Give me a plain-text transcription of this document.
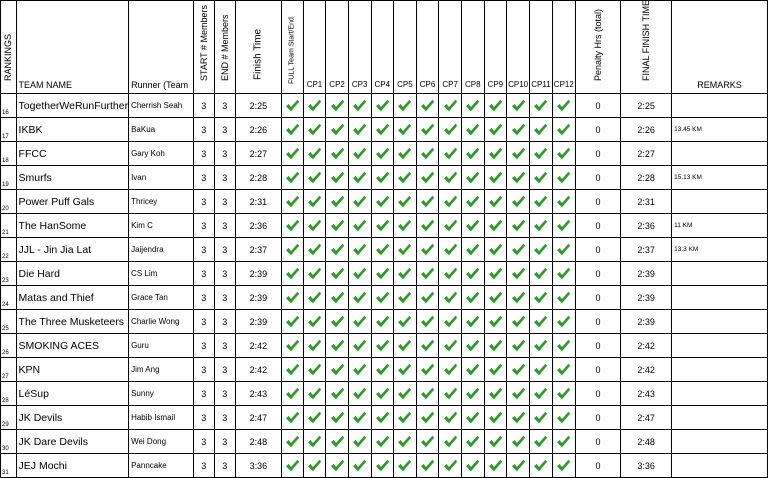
RANKINGS	TEAM NAME	Runner (Team	START # Members	END # Members	Finish Time	FULL Team Start/End	CP1	CP2	CP3	CP4	CP5	CP6	CP7	CP8	CP9	CP10	CP11	CP12	Penalty Hrs (total)	FINAL FINISH TIME	REMARKS
16	TogetherWeRunFurther	Cherrish Seah	3	3	2:25														0	2:25	
17	IKBK	BaKua	3	3	2:26														0	2:26	13.45 KM
18	FFCC	Gary Koh	3	3	2:27														0	2:27	
19	Smurfs	Ivan	3	3	2:28														0	2:28	15.13 KM
20	Power Puff Gals	Thricey	3	3	2:31														0	2:31	
21	The HanSome	Kim C	3	3	2:36														0	2:36	11 KM
22	JJL - Jin Jia Lat	Jaijendra	3	3	2:37														0	2:37	13.3 KM
23	Die Hard	CS Lim	3	3	2:39														0	2:39	
24	Matas and Thief	Grace Tan	3	3	2:39														0	2:39	
25	The Three Musketeers	Charlie Wong	3	3	2:39														0	2:39	
26	SMOKING ACES	Guru	3	3	2:42														0	2:42	
27	KPN	Jim Ang	3	3	2:42														0	2:42	
28	LéSup	Sunny	3	3	2:43														0	2:43	
29	JK Devils	Habib Ismail	3	3	2:47														0	2:47	
30	JK Dare Devils	Wei Dong	3	3	2:48														0	2:48	
31	JEJ Mochi	Panncake	3	3	3:36														0	3:36	
